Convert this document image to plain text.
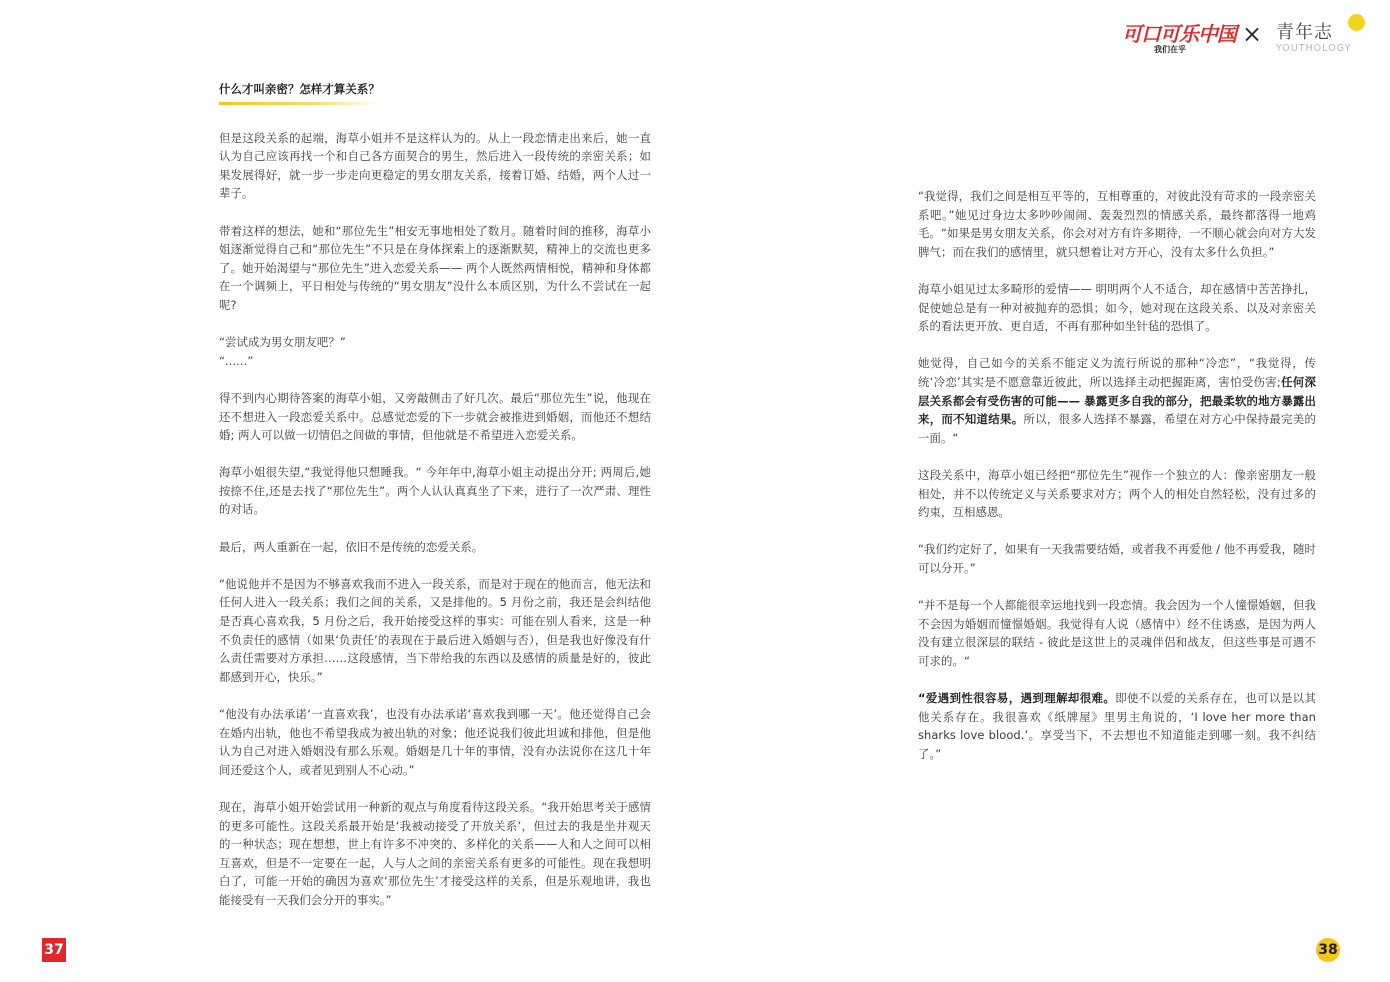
可口可乐中国
我们在乎
× 青年志
YOUTHOLOGY
什么才叫亲密？怎样才算关系？

但是这段关系的起端，海草小姐并不是这样认为的。从上一段恋情走出来后，她一直认为自己应该再找一个和自己各方面契合的男生，然后进入一段传统的亲密关系；如果发展得好，就一步一步走向更稳定的男女朋友关系，接着订婚、结婚，两个人过一辈子。

带着这样的想法，她和“那位先生”相安无事地相处了数月。随着时间的推移，海草小姐逐渐觉得自己和“那位先生”不只是在身体探索上的逐渐默契，精神上的交流也更多了。她开始渴望与“那位先生”进入恋爱关系—— 两个人既然两情相悦，精神和身体都在一个调频上，平日相处与传统的“男女朋友”没什么本质区别，为什么不尝试在一起呢?

“尝试成为男女朋友吧？”
“......”

得不到内心期待答案的海草小姐，又旁敲侧击了好几次。最后“那位先生”说，他现在还不想进入一段恋爱关系中。总感觉恋爱的下一步就会被推进到婚姻，而他还不想结婚; 两人可以做一切情侣之间做的事情，但他就是不希望进入恋爱关系。

海草小姐很失望,“我觉得他只想睡我。“ 今年年中,海草小姐主动提出分开; 两周后,她按捺不住,还是去找了“那位先生”。两个人认认真真坐了下来，进行了一次严肃、理性的对话。

最后，两人重新在一起，依旧不是传统的恋爱关系。

“他说他并不是因为不够喜欢我而不进入一段关系，而是对于现在的他而言，他无法和任何人进入一段关系；我们之间的关系，又是排他的。5 月份之前，我还是会纠结他是否真心喜欢我，5 月份之后，我开始接受这样的事实：可能在别人看来，这是一种不负责任的感情（如果‘负责任’的表现在于最后进入婚姻与否），但是我也好像没有什么责任需要对方承担……这段感情，当下带给我的东西以及感情的质量是好的，彼此都感到开心，快乐。”

“他没有办法承诺‘一直喜欢我’，也没有办法承诺‘喜欢我到哪一天’。他还觉得自己会在婚内出轨，他也不希望我成为被出轨的对象；他还说我们彼此坦诚和排他，但是他认为自己对进入婚姻没有那么乐观。婚姻是几十年的事情，没有办法说你在这几十年间还爱这个人，或者见到别人不心动。”

现在，海草小姐开始尝试用一种新的观点与角度看待这段关系。“我开始思考关于感情的更多可能性。这段关系最开始是‘我被动接受了开放关系’，但过去的我是坐井观天的一种状态；现在想想，世上有许多不冲突的、多样化的关系——人和人之间可以相互喜欢，但是不一定要在一起，人与人之间的亲密关系有更多的可能性。现在我想明白了，可能一开始的确因为喜欢‘那位先生’才接受这样的关系，但是乐观地讲，我也能接受有一天我们会分开的事实。”

“我觉得，我们之间是相互平等的，互相尊重的，对彼此没有苛求的一段亲密关系吧。”她见过身边太多吵吵闹闹、轰轰烈烈的情感关系，最终都落得一地鸡毛。“如果是男女朋友关系，你会对对方有许多期待，一不顺心就会向对方大发脾气；而在我们的感情里，就只想着让对方开心，没有太多什么负担。”

海草小姐见过太多畸形的爱情—— 明明两个人不适合，却在感情中苦苦挣扎，促使她总是有一种对被抛弃的恐惧；如今，她对现在这段关系、以及对亲密关系的看法更开放、更自适，不再有那种如坐针毡的恐惧了。

她觉得，自己如今的关系不能定义为流行所说的那种“冷恋”，“我觉得，传统‘冷恋’其实是不愿意靠近彼此，所以选择主动把握距离，害怕受伤害;任何深层关系都会有受伤害的可能—— 暴露更多自我的部分，把最柔软的地方暴露出来，而不知道结果。所以，很多人选择不暴露，希望在对方心中保持最完美的一面。“

这段关系中，海草小姐已经把“那位先生”视作一个独立的人：像亲密朋友一般相处，并不以传统定义与关系要求对方；两个人的相处自然轻松，没有过多的约束，互相感恩。

“我们约定好了，如果有一天我需要结婚，或者我不再爱他 / 他不再爱我，随时可以分开。”

“并不是每一个人都能很幸运地找到一段恋情。我会因为一个人憧憬婚姻，但我不会因为婚姻而憧憬婚姻。我觉得有人说（感情中）经不住诱惑，是因为两人没有建立很深层的联结 - 彼此是这世上的灵魂伴侣和战友，但这些事是可遇不可求的。“

“爱遇到性很容易，遇到理解却很难。即使不以爱的关系存在，也可以是以其他关系存在。我很喜欢《纸牌屋》里男主角说的，‘I love her more than sharks love blood.’。享受当下，不去想也不知道能走到哪一刻。我不纠结了。”

37	38
